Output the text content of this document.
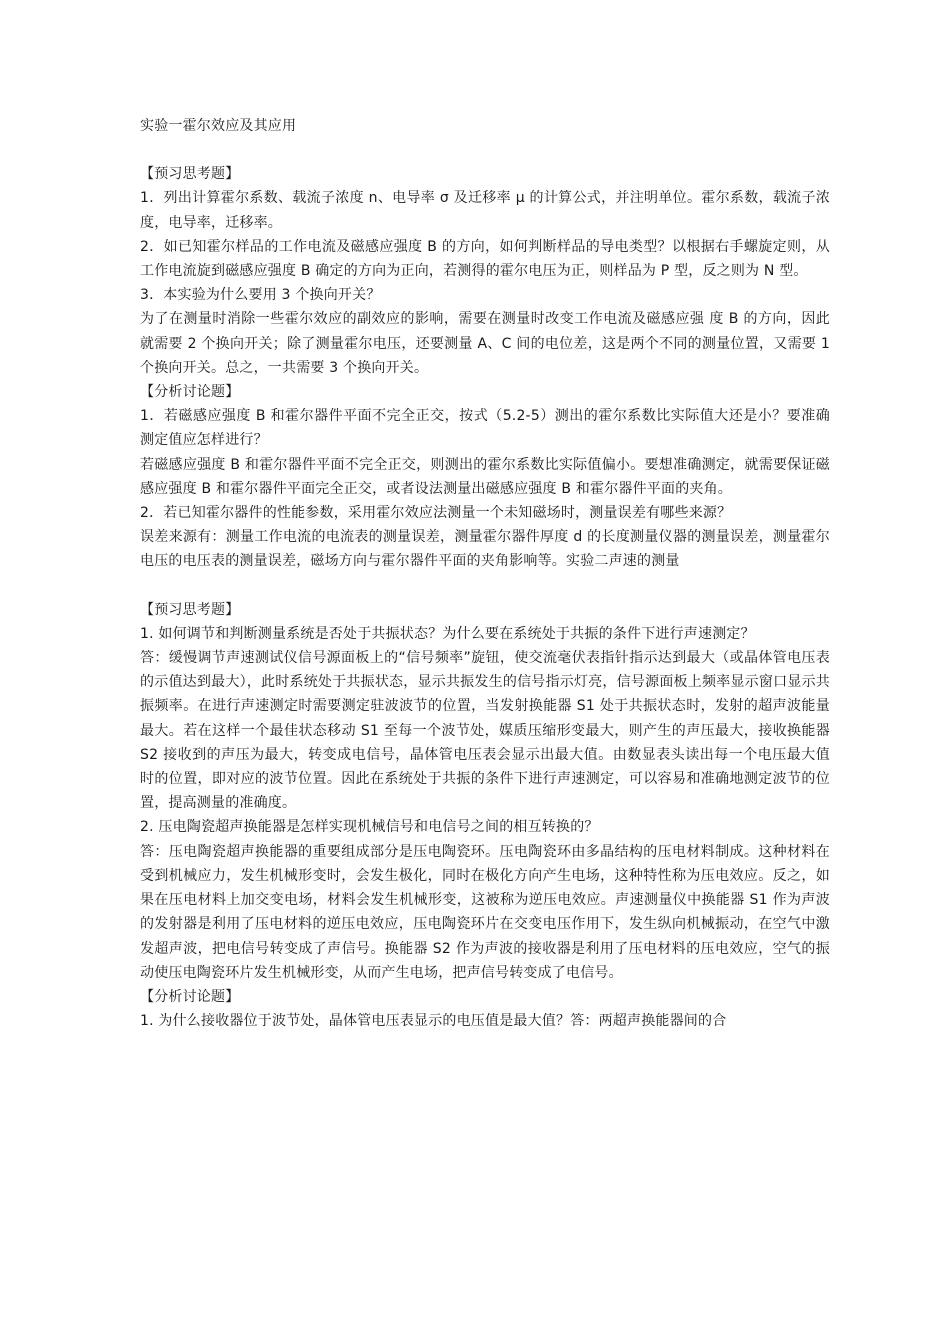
实验一霍尔效应及其应用

【预习思考题】

1．列出计算霍尔系数、载流子浓度 n、电导率 σ 及迁移率 μ 的计算公式，并注明单位。霍尔系数，载流子浓度，电导率，迁移率。

2．如已知霍尔样品的工作电流及磁感应强度 B 的方向，如何判断样品的导电类型？以根据右手螺旋定则，从工作电流旋到磁感应强度 B 确定的方向为正向，若测得的霍尔电压为正，则样品为 P 型，反之则为 N 型。

3．本实验为什么要用 3 个换向开关？

为了在测量时消除一些霍尔效应的副效应的影响，需要在测量时改变工作电流及磁感应强 度 B 的方向，因此就需要 2 个换向开关；除了测量霍尔电压，还要测量 A、C 间的电位差，这是两个不同的测量位置，又需要 1 个换向开关。总之，一共需要 3 个换向开关。

【分析讨论题】

1．若磁感应强度 B 和霍尔器件平面不完全正交，按式（5.2-5）测出的霍尔系数比实际值大还是小？要准确测定值应怎样进行？

若磁感应强度 B 和霍尔器件平面不完全正交，则测出的霍尔系数比实际值偏小。要想准确测定，就需要保证磁感应强度 B 和霍尔器件平面完全正交，或者设法测量出磁感应强度 B 和霍尔器件平面的夹角。

2．若已知霍尔器件的性能参数，采用霍尔效应法测量一个未知磁场时，测量误差有哪些来源？

误差来源有：测量工作电流的电流表的测量误差，测量霍尔器件厚度 d 的长度测量仪器的测量误差，测量霍尔电压的电压表的测量误差，磁场方向与霍尔器件平面的夹角影响等。实验二声速的测量

【预习思考题】

1. 如何调节和判断测量系统是否处于共振状态？为什么要在系统处于共振的条件下进行声速测定？

答：缓慢调节声速测试仪信号源面板上的“信号频率”旋钮，使交流毫伏表指针指示达到最大（或晶体管电压表的示值达到最大），此时系统处于共振状态，显示共振发生的信号指示灯亮，信号源面板上频率显示窗口显示共振频率。在进行声速测定时需要测定驻波波节的位置，当发射换能器 S1 处于共振状态时，发射的超声波能量最大。若在这样一个最佳状态移动 S1 至每一个波节处，媒质压缩形变最大，则产生的声压最大，接收换能器 S2 接收到的声压为最大，转变成电信号，晶体管电压表会显示出最大值。由数显表头读出每一个电压最大值时的位置，即对应的波节位置。因此在系统处于共振的条件下进行声速测定，可以容易和准确地测定波节的位置，提高测量的准确度。

2. 压电陶瓷超声换能器是怎样实现机械信号和电信号之间的相互转换的？

答：压电陶瓷超声换能器的重要组成部分是压电陶瓷环。压电陶瓷环由多晶结构的压电材料制成。这种材料在受到机械应力，发生机械形变时，会发生极化，同时在极化方向产生电场，这种特性称为压电效应。反之，如果在压电材料上加交变电场，材料会发生机械形变，这被称为逆压电效应。声速测量仪中换能器 S1 作为声波的发射器是利用了压电材料的逆压电效应，压电陶瓷环片在交变电压作用下，发生纵向机械振动，在空气中激发超声波，把电信号转变成了声信号。换能器 S2 作为声波的接收器是利用了压电材料的压电效应，空气的振动使压电陶瓷环片发生机械形变，从而产生电场，把声信号转变成了电信号。

【分析讨论题】

1. 为什么接收器位于波节处，晶体管电压表显示的电压值是最大值？答：两超声换能器间的合
